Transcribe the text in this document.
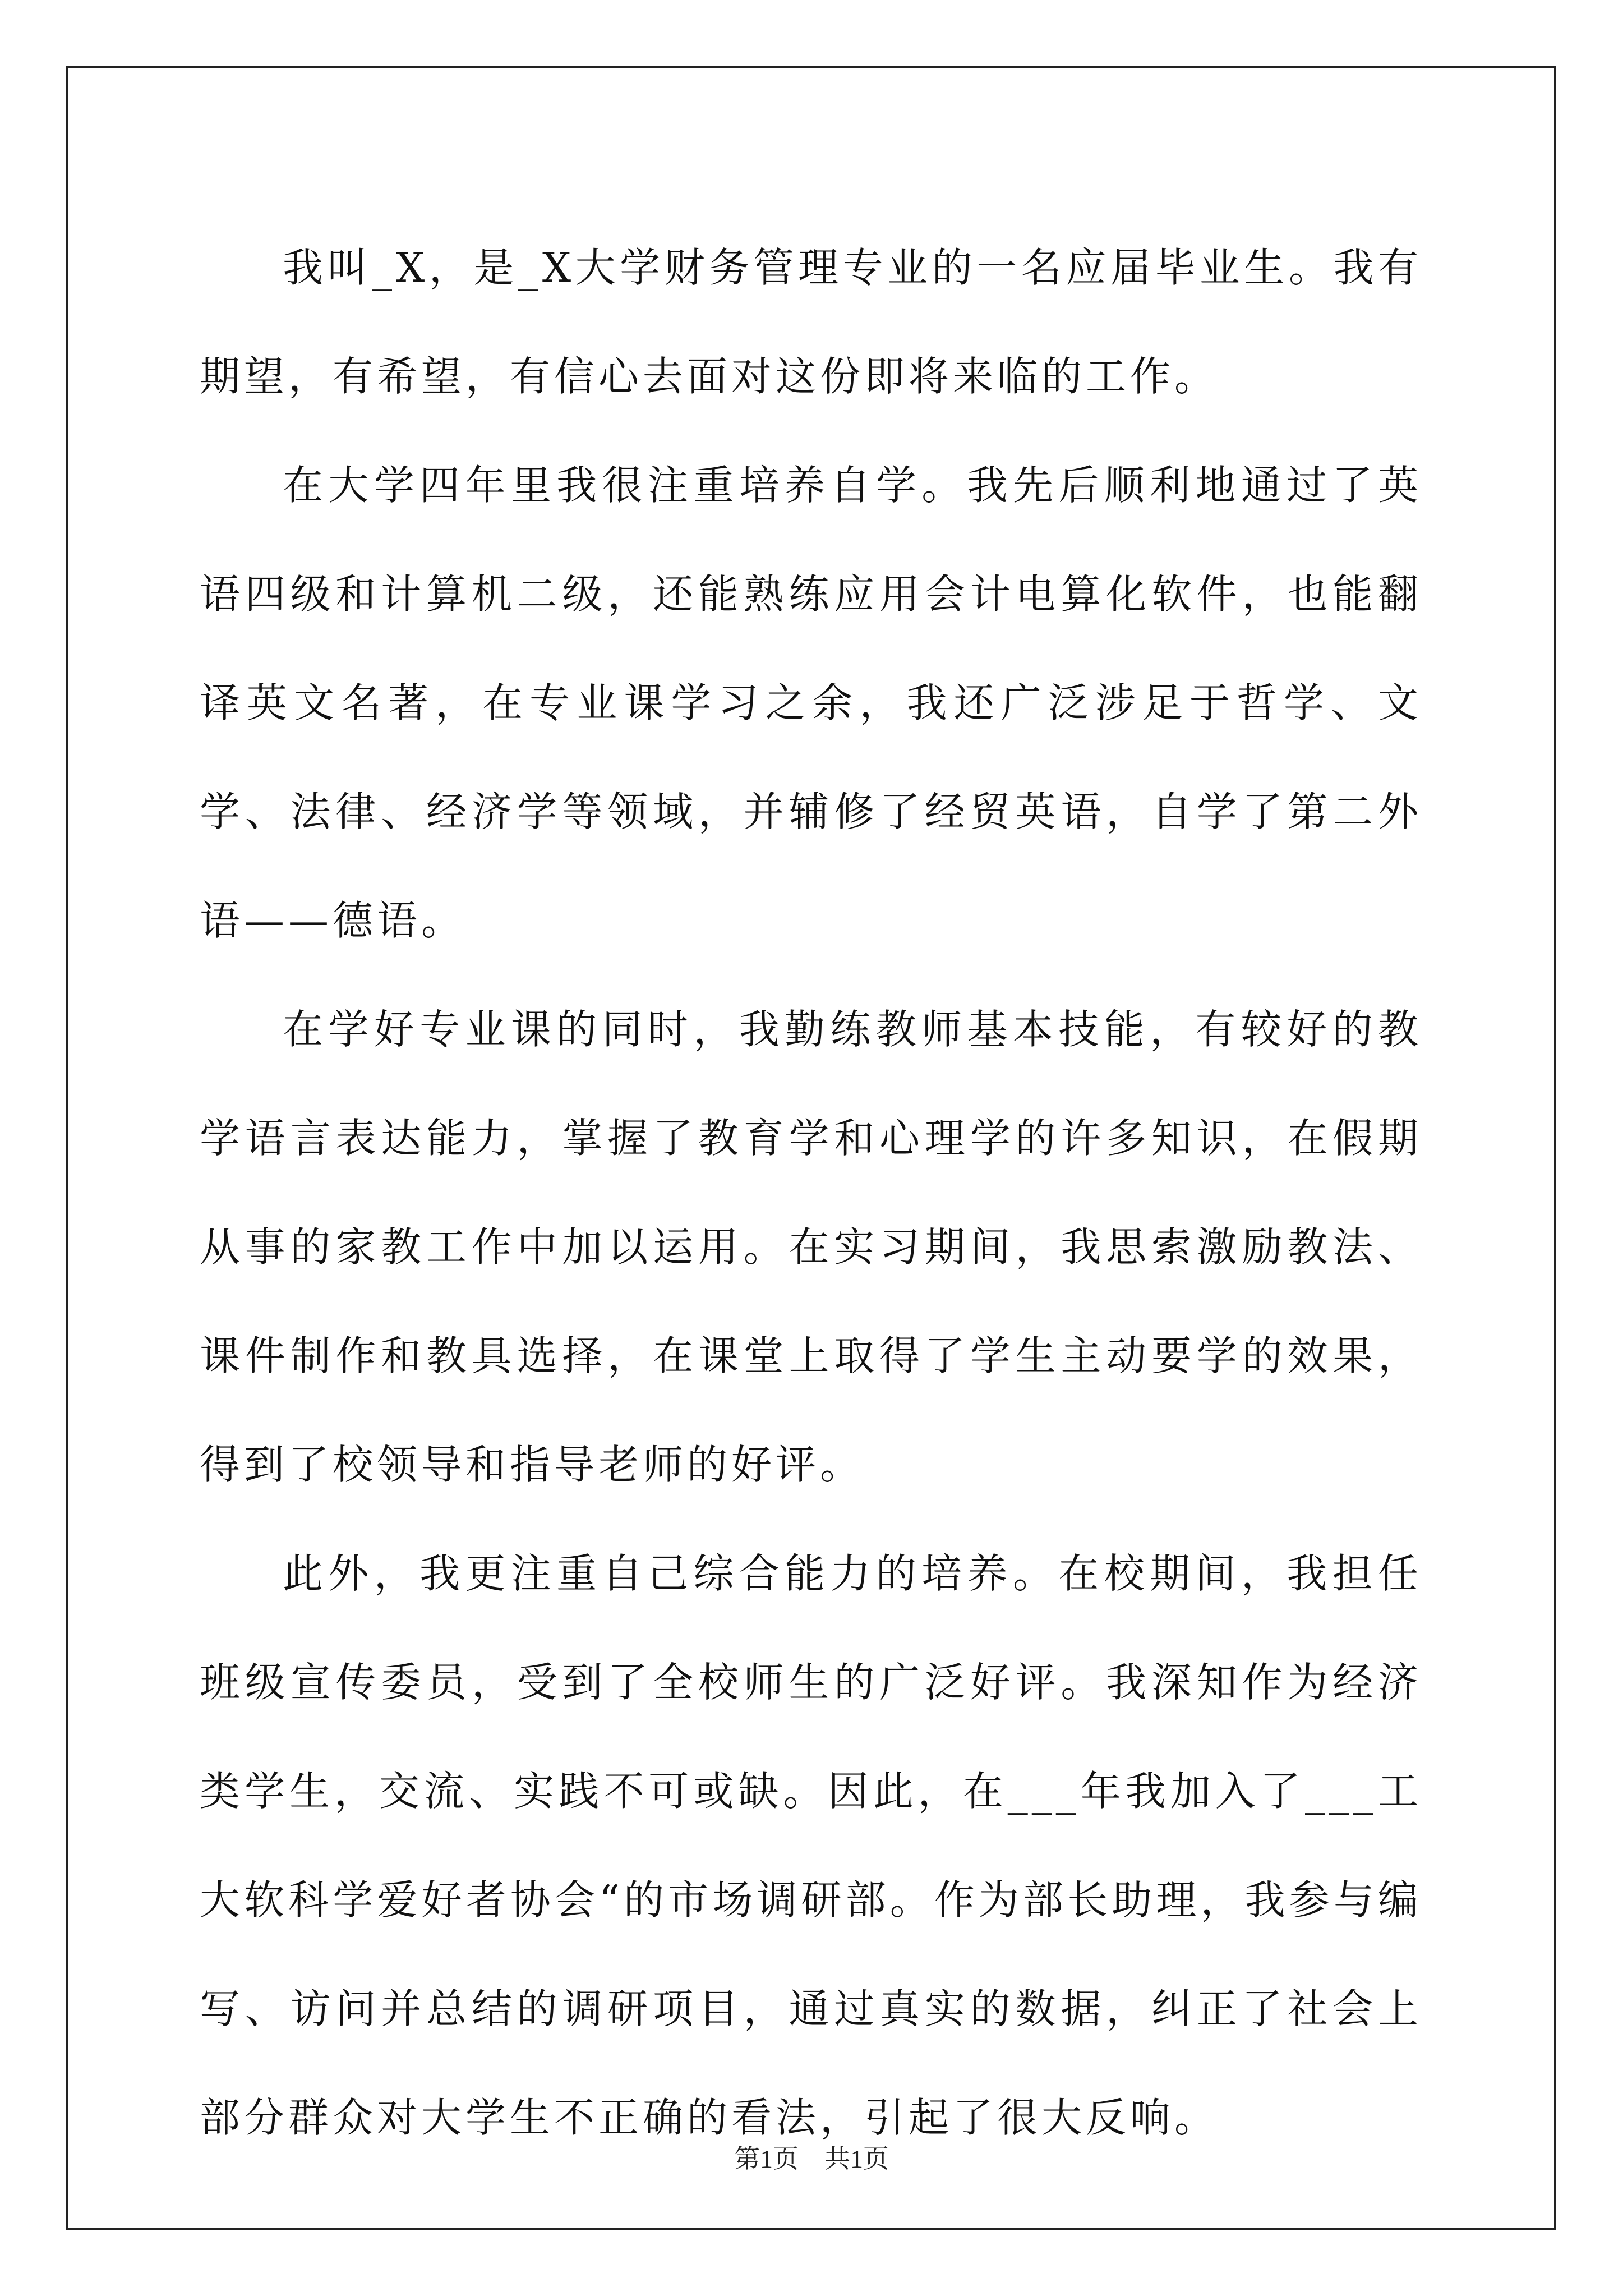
我叫_X，是_X大学财务管理专业的一名应届毕业生。我有期望，有希望，有信心去面对这份即将来临的工作。

在大学四年里我很注重培养自学。我先后顺利地通过了英语四级和计算机二级，还能熟练应用会计电算化软件，也能翻译英文名著，在专业课学习之余，我还广泛涉足于哲学、文学、法律、经济学等领域，并辅修了经贸英语，自学了第二外语——德语。

在学好专业课的同时，我勤练教师基本技能，有较好的教学语言表达能力，掌握了教育学和心理学的许多知识，在假期从事的家教工作中加以运用。在实习期间，我思索激励教法、课件制作和教具选择，在课堂上取得了学生主动要学的效果，得到了校领导和指导老师的好评。

此外，我更注重自己综合能力的培养。在校期间，我担任班级宣传委员，受到了全校师生的广泛好评。我深知作为经济类学生，交流、实践不可或缺。因此，在___年我加入了___工大软科学爱好者协会“的市场调研部。作为部长助理，我参与编写、访问并总结的调研项目，通过真实的数据，纠正了社会上部分群众对大学生不正确的看法，引起了很大反响。

第1页　共1页
